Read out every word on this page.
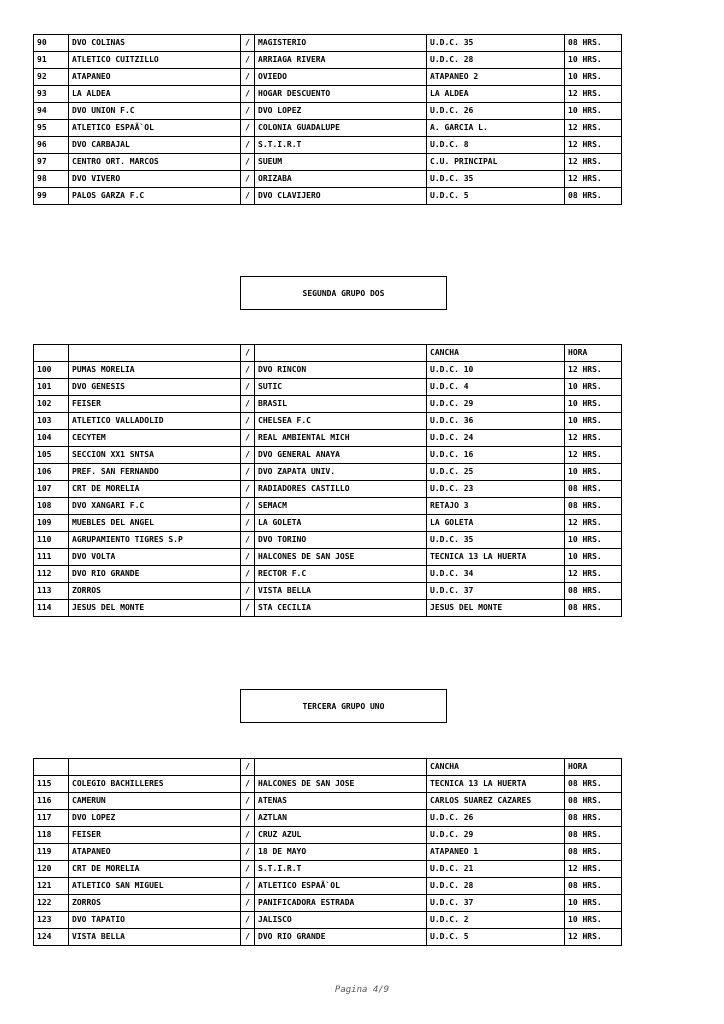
90	DVO COLINAS	/	MAGISTERIO	U.D.C. 35	08 HRS.
91	ATLETICO CUITZILLO	/	ARRIAGA RIVERA	U.D.C. 28	10 HRS.
92	ATAPANEO	/	OVIEDO	ATAPANEO 2	10 HRS.
93	LA ALDEA	/	HOGAR DESCUENTO	LA ALDEA	12 HRS.
94	DVO UNION F.C	/	DVO LOPEZ	U.D.C. 26	10 HRS.
95	ATLETICO ESPAÃ`OL	/	COLONIA GUADALUPE	A. GARCIA L.	12 HRS.
96	DVO CARBAJAL	/	S.T.I.R.T	U.D.C. 8	12 HRS.
97	CENTRO ORT. MARCOS	/	SUEUM	C.U. PRINCIPAL	12 HRS.
98	DVO VIVERO	/	ORIZABA	U.D.C. 35	12 HRS.
99	PALOS GARZA F.C	/	DVO CLAVIJERO	U.D.C. 5	08 HRS.
SEGUNDA GRUPO DOS
		/		CANCHA	HORA
100	PUMAS MORELIA	/	DVO RINCON	U.D.C. 10	12 HRS.
101	DVO GENESIS	/	SUTIC	U.D.C. 4	10 HRS.
102	FEISER	/	BRASIL	U.D.C. 29	10 HRS.
103	ATLETICO VALLADOLID	/	CHELSEA F.C	U.D.C. 36	10 HRS.
104	CECYTEM	/	REAL AMBIENTAL MICH	U.D.C. 24	12 HRS.
105	SECCION XX1 SNTSA	/	DVO GENERAL ANAYA	U.D.C. 16	12 HRS.
106	PREF. SAN FERNANDO	/	DVO ZAPATA UNIV.	U.D.C. 25	10 HRS.
107	CRT DE MORELIA	/	RADIADORES CASTILLO	U.D.C. 23	08 HRS.
108	DVO XANGARI F.C	/	SEMACM	RETAJO 3	08 HRS.
109	MUEBLES DEL ANGEL	/	LA GOLETA	LA GOLETA	12 HRS.
110	AGRUPAMIENTO TIGRES S.P	/	DVO TORINO	U.D.C. 35	10 HRS.
111	DVO VOLTA	/	HALCONES DE SAN JOSE	TECNICA 13 LA HUERTA	10 HRS.
112	DVO RIO GRANDE	/	RECTOR F.C	U.D.C. 34	12 HRS.
113	ZORROS	/	VISTA BELLA	U.D.C. 37	08 HRS.
114	JESUS DEL MONTE	/	STA CECILIA	JESUS DEL MONTE	08 HRS.
TERCERA GRUPO UNO
		/		CANCHA	HORA
115	COLEGIO BACHILLERES	/	HALCONES DE SAN JOSE	TECNICA 13 LA HUERTA	08 HRS.
116	CAMERUN	/	ATENAS	CARLOS SUAREZ CAZARES	08 HRS.
117	DVO LOPEZ	/	AZTLAN	U.D.C. 26	08 HRS.
118	FEISER	/	CRUZ AZUL	U.D.C. 29	08 HRS.
119	ATAPANEO	/	18 DE MAYO	ATAPANEO 1	08 HRS.
120	CRT DE MORELIA	/	S.T.I.R.T	U.D.C. 21	12 HRS.
121	ATLETICO SAN MIGUEL	/	ATLETICO ESPAÃ`OL	U.D.C. 28	08 HRS.
122	ZORROS	/	PANIFICADORA ESTRADA	U.D.C. 37	10 HRS.
123	DVO TAPATIO	/	JALISCO	U.D.C. 2	10 HRS.
124	VISTA BELLA	/	DVO RIO GRANDE	U.D.C. 5	12 HRS.
Pagina 4/9
